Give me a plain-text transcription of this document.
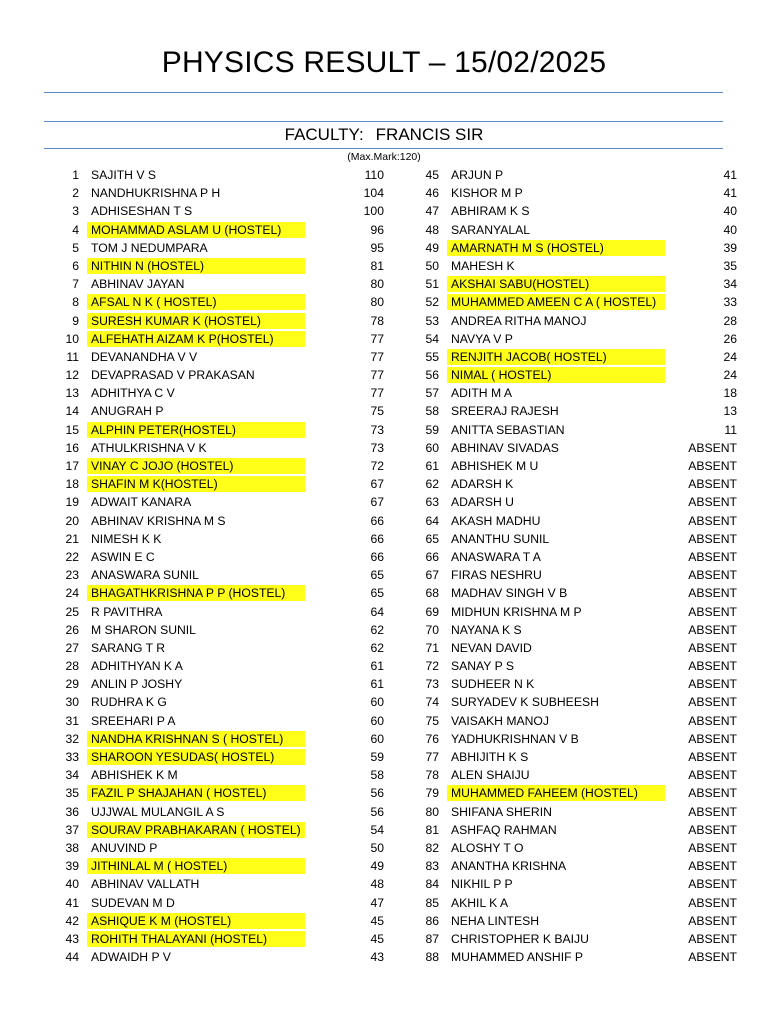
PHYSICS RESULT – 15/02/2025
FACULTY: FRANCIS SIR
(Max.Mark:120)
1 SAJITH V S	110
2 NANDHUKRISHNA P H	104
3 ADHISESHAN T S	100
4 MOHAMMAD ASLAM U (HOSTEL)	96
5 TOM J NEDUMPARA	95
6 NITHIN N (HOSTEL)	81
7 ABHINAV JAYAN	80
8 AFSAL N K ( HOSTEL)	80
9 SURESH KUMAR K (HOSTEL)	78
10 ALFEHATH AIZAM K P(HOSTEL)	77
11 DEVANANDHA V V	77
12 DEVAPRASAD V PRAKASAN	77
13 ADHITHYA C V	77
14 ANUGRAH P	75
15 ALPHIN PETER(HOSTEL)	73
16 ATHULKRISHNA V K	73
17 VINAY C JOJO (HOSTEL)	72
18 SHAFIN M K(HOSTEL)	67
19 ADWAIT KANARA	67
20 ABHINAV KRISHNA M S	66
21 NIMESH K K	66
22 ASWIN E C	66
23 ANASWARA SUNIL	65
24 BHAGATHKRISHNA P P (HOSTEL)	65
25 R PAVITHRA	64
26 M SHARON SUNIL	62
27 SARANG T R	62
28 ADHITHYAN K A	61
29 ANLIN P JOSHY	61
30 RUDHRA K G	60
31 SREEHARI P A	60
32 NANDHA KRISHNAN S ( HOSTEL)	60
33 SHAROON YESUDAS( HOSTEL)	59
34 ABHISHEK K M	58
35 FAZIL P SHAJAHAN ( HOSTEL)	56
36 UJJWAL MULANGIL A S	56
37 SOURAV PRABHAKARAN ( HOSTEL)	54
38 ANUVIND P	50
39 JITHINLAL M ( HOSTEL)	49
40 ABHINAV VALLATH	48
41 SUDEVAN M D	47
42 ASHIQUE K M (HOSTEL)	45
43 ROHITH THALAYANI (HOSTEL)	45
44 ADWAIDH P V	43
45 ARJUN P	41
46 KISHOR M P	41
47 ABHIRAM K S	40
48 SARANYALAL	40
49 AMARNATH M S (HOSTEL)	39
50 MAHESH K	35
51 AKSHAI SABU(HOSTEL)	34
52 MUHAMMED AMEEN C A ( HOSTEL)	33
53 ANDREA RITHA MANOJ	28
54 NAVYA V P	26
55 RENJITH JACOB( HOSTEL)	24
56 NIMAL ( HOSTEL)	24
57 ADITH M A	18
58 SREERAJ RAJESH	13
59 ANITTA SEBASTIAN	11
60 ABHINAV SIVADAS	ABSENT
61 ABHISHEK M U	ABSENT
62 ADARSH K	ABSENT
63 ADARSH U	ABSENT
64 AKASH MADHU	ABSENT
65 ANANTHU SUNIL	ABSENT
66 ANASWARA T A	ABSENT
67 FIRAS NESHRU	ABSENT
68 MADHAV SINGH V B	ABSENT
69 MIDHUN KRISHNA M P	ABSENT
70 NAYANA K S	ABSENT
71 NEVAN DAVID	ABSENT
72 SANAY P S	ABSENT
73 SUDHEER N K	ABSENT
74 SURYADEV K SUBHEESH	ABSENT
75 VAISAKH MANOJ	ABSENT
76 YADHUKRISHNAN V B	ABSENT
77 ABHIJITH K S	ABSENT
78 ALEN SHAIJU	ABSENT
79 MUHAMMED FAHEEM (HOSTEL)	ABSENT
80 SHIFANA SHERIN	ABSENT
81 ASHFAQ RAHMAN	ABSENT
82 ALOSHY T O	ABSENT
83 ANANTHA KRISHNA	ABSENT
84 NIKHIL P P	ABSENT
85 AKHIL K A	ABSENT
86 NEHA LINTESH	ABSENT
87 CHRISTOPHER K BAIJU	ABSENT
88 MUHAMMED ANSHIF P	ABSENT
